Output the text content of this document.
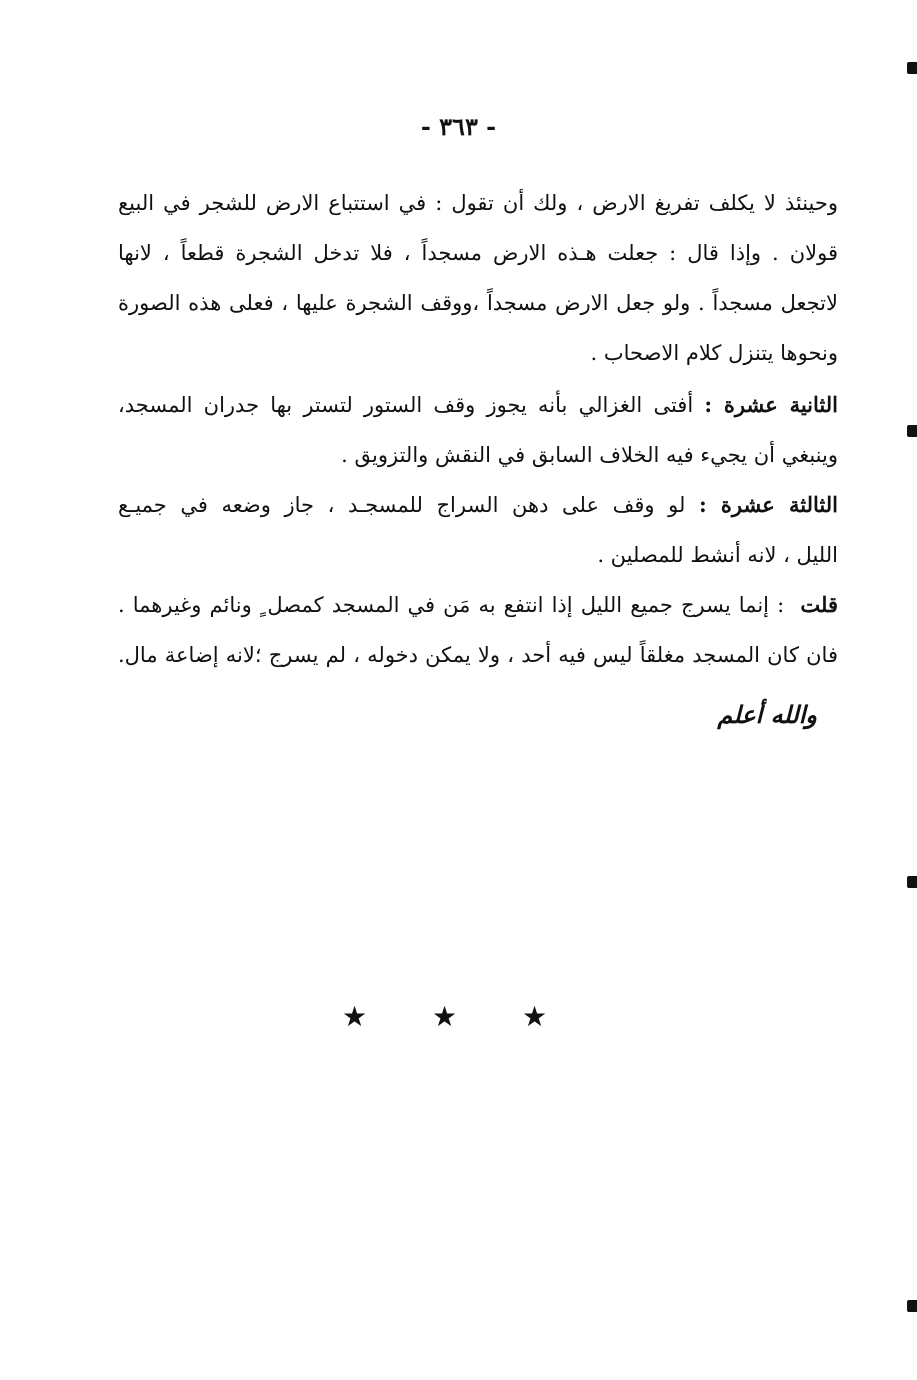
- ٣٦٣ -
وحينئذ لا يكلف تفريغ الارض ، ولك أن تقول : في استتباع الارض للشجر في البيع
قولان . وإذا قال : جعلت هـذه الارض مسجداً ، فلا تدخل الشجرة قطعاً ، لانها
لاتجعل مسجداً . ولو جعل الارض مسجداً ،ووقف الشجرة عليها ، فعلى هذه الصورة
ونحوها يتنزل كلام الاصحاب .
الثانية عشرة : أفتى الغزالي بأنه يجوز وقف الستور لتستر بها جدران المسجد،
وينبغي أن يجيء فيه الخلاف السابق في النقش والتزويق .
الثالثة عشرة : لو وقف على دهن السراج للمسجـد ، جاز وضعه في جميـع
الليل ، لانه أنشط للمصلين .
قلت  : إنما يسرج جميع الليل إذا انتفع به مَن في المسجد كمصل ٍ ونائم وغيرهما .
فان كان المسجد مغلقاً ليس فيه أحد ، ولا يمكن دخوله ، لم يسرج ؛لانه إضاعة مال.
والله أعلم
★ ★ ★
